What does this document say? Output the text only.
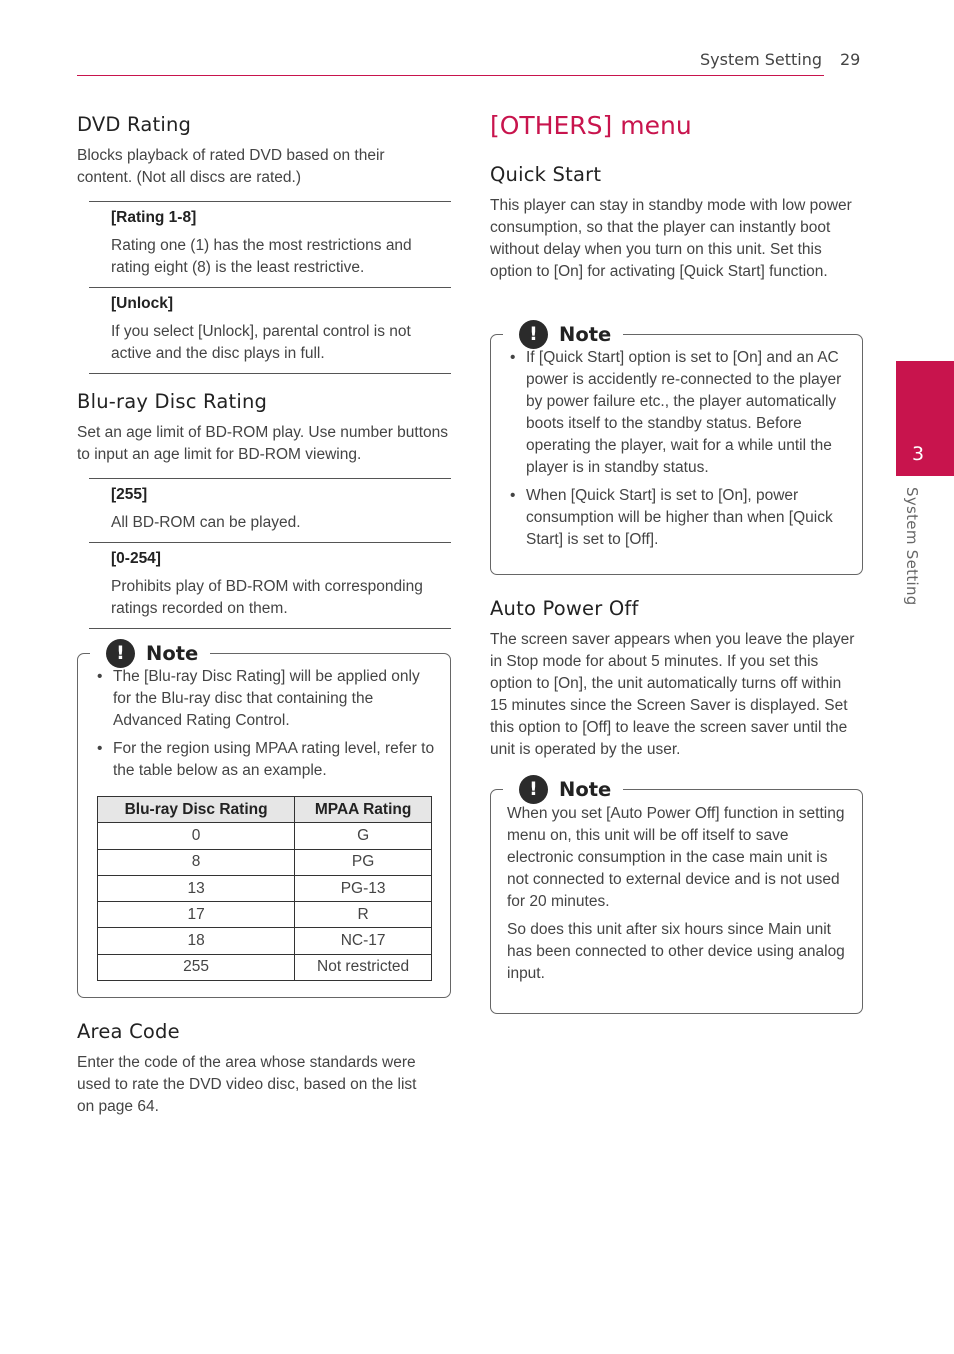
System Setting 29
3
System Setting
DVD Rating

Blocks playback of rated DVD based on their content. (Not all discs are rated.)

[Rating 1-8]

Rating one (1) has the most restrictions and rating eight (8) is the least restrictive.

[Unlock]

If you select [Unlock], parental control is not active and the disc plays in full.

Blu-ray Disc Rating

Set an age limit of BD-ROM play. Use number buttons to input an age limit for BD-ROM viewing.

[255]

All BD-ROM can be played.

[0-254]

Prohibits play of BD-ROM with corresponding ratings recorded on them.

!	Note
• The [Blu-ray Disc Rating] will be applied only for the Blu-ray disc that containing the Advanced Rating Control.
• For the region using MPAA rating level, refer to the table below as an example.
Blu-ray Disc Rating	MPAA Rating
0	G
8	PG
13	PG-13
17	R
18	NC-17
255	Not restricted
Area Code

Enter the code of the area whose standards were used to rate the DVD video disc, based on the list on page 64.

[OTHERS] menu
Quick Start

This player can stay in standby mode with low power consumption, so that the player can instantly boot without delay when you turn on this unit. Set this option to [On] for activating [Quick Start] function.

!	Note
• If [Quick Start] option is set to [On] and an AC power is accidently re-connected to the player by power failure etc., the player automatically boots itself to the standby status. Before operating the player, wait for a while until the player is in standby status.
• When [Quick Start] is set to [On], power consumption will be higher than when [Quick Start] is set to [Off].
Auto Power Off

The screen saver appears when you leave the player in Stop mode for about 5 minutes. If you set this option to [On], the unit automatically turns off within 15 minutes since the Screen Saver is displayed. Set this option to [Off] to leave the screen saver until the unit is operated by the user.

!	Note

When you set [Auto Power Off] function in setting menu on, this unit will be off itself to save electronic consumption in the case main unit is not connected to external device and is not used for 20 minutes.

So does this unit after six hours since Main unit has been connected to other device using analog input.
